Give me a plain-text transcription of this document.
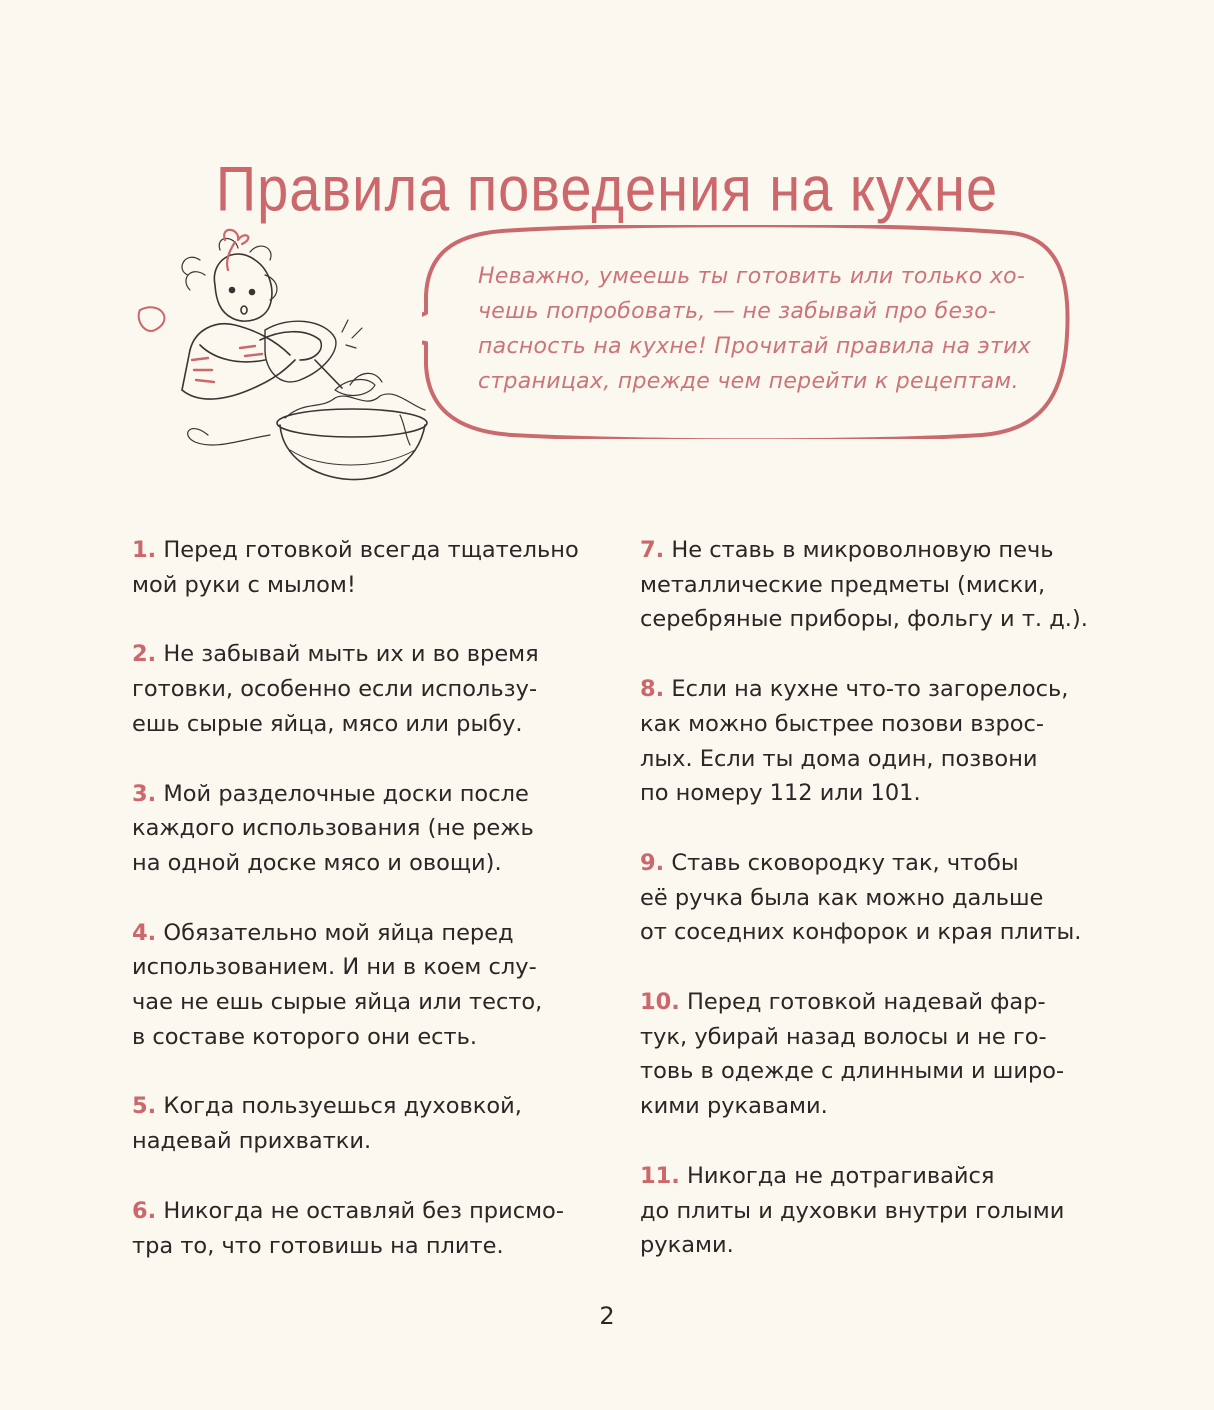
Правила поведения на кухне
Неважно, умеешь ты готовить или только хо-
чешь попробовать, — не забывай про безо-
пасность на кухне! Прочитай правила на этих
страницах, прежде чем перейти к рецептам.
1. Перед готовкой всегда тщательно
мой руки с мылом!
2. Не забывай мыть их и во время
готовки, особенно если использу-
ешь сырые яйца, мясо или рыбу.
3. Мой разделочные доски после
каждого использования (не режь
на одной доске мясо и овощи).
4. Обязательно мой яйца перед
использованием. И ни в коем слу-
чае не ешь сырые яйца или тесто,
в составе которого они есть.
5. Когда пользуешься духовкой,
надевай прихватки.
6. Никогда не оставляй без присмо-
тра то, что готовишь на плите.
7. Не ставь в микроволновую печь
металлические предметы (миски,
серебряные приборы, фольгу и т. д.).
8. Если на кухне что-то загорелось,
как можно быстрее позови взрос-
лых. Если ты дома один, позвони
по номеру 112 или 101.
9. Ставь сковородку так, чтобы
её ручка была как можно дальше
от соседних конфорок и края плиты.
10. Перед готовкой надевай фар-
тук, убирай назад волосы и не го-
товь в одежде с длинными и широ-
кими рукавами.
11. Никогда не дотрагивайся
до плиты и духовки внутри голыми
руками.
2
